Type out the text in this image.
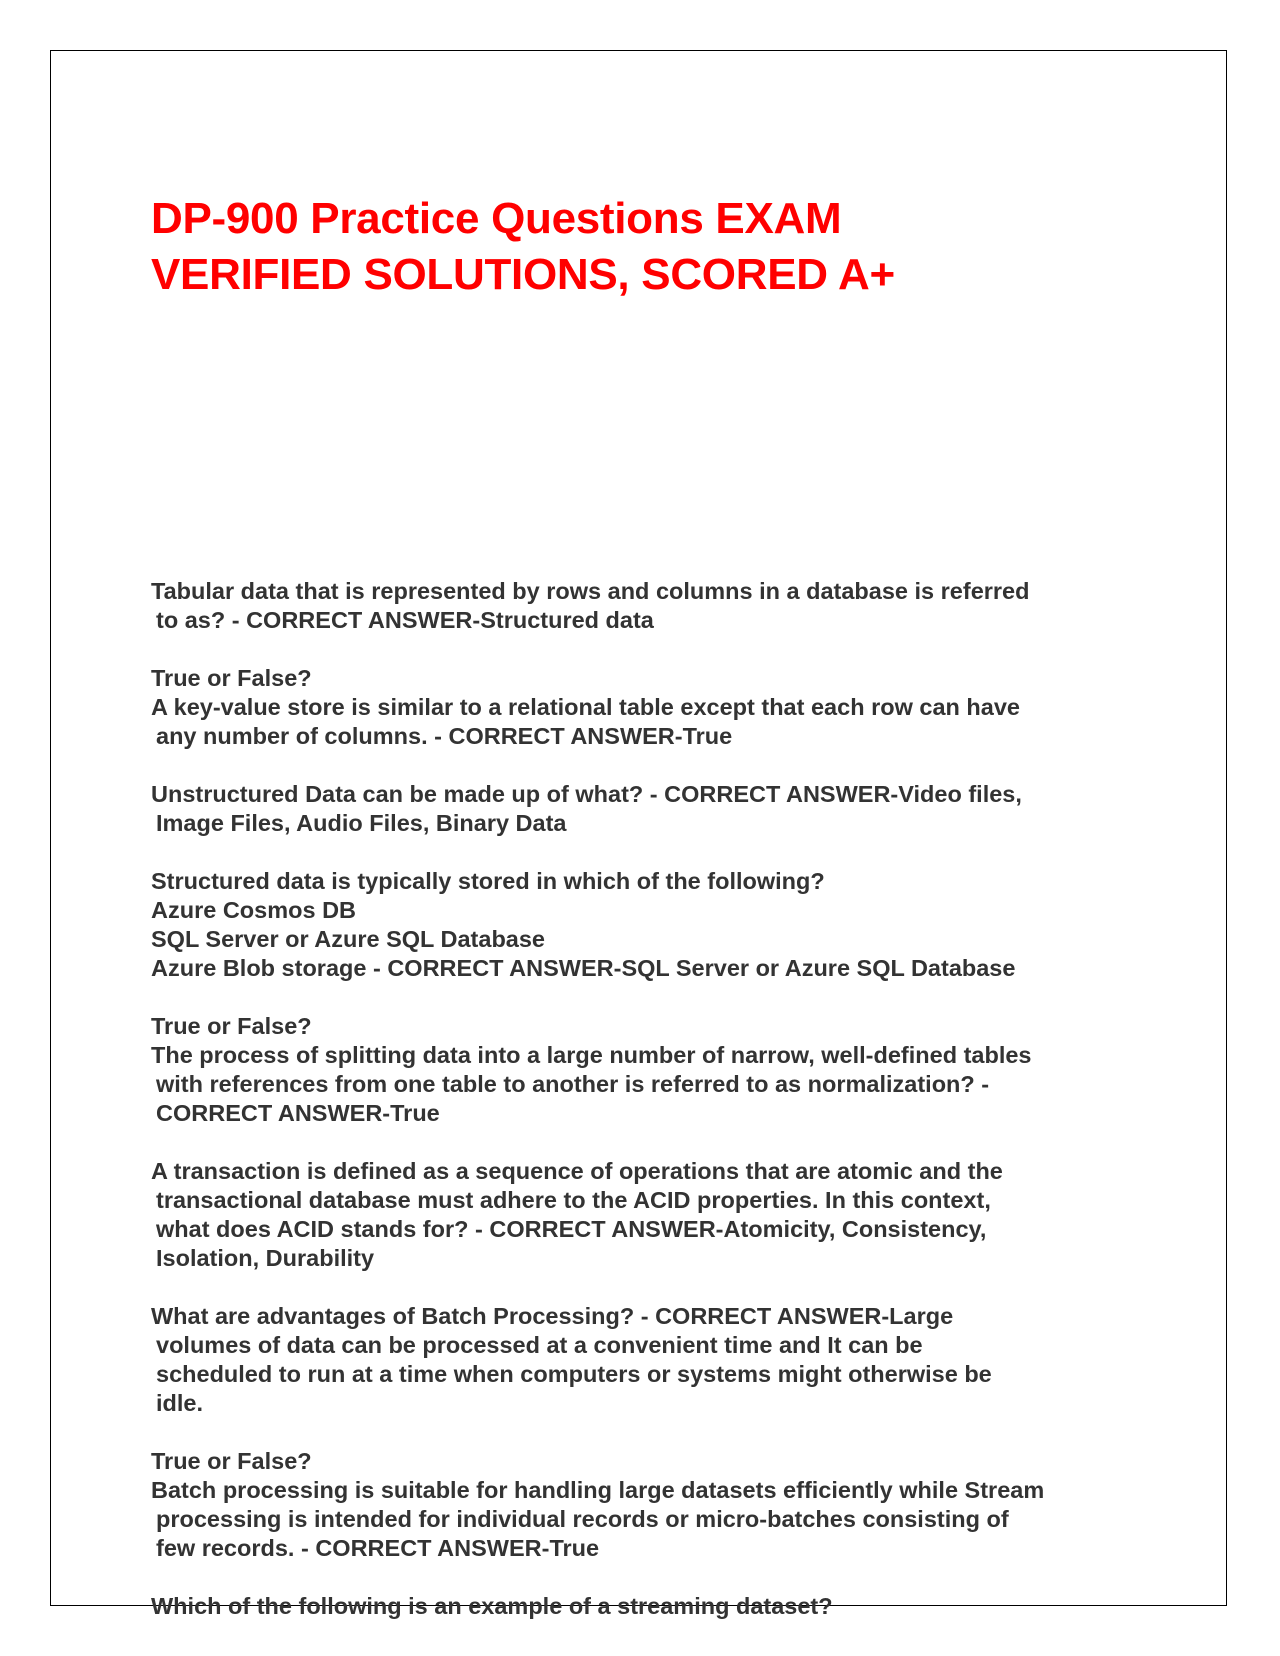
DP-900 Practice Questions EXAM
VERIFIED SOLUTIONS, SCORED A+
Tabular data that is represented by rows and columns in a database is referred
to as? - CORRECT ANSWER-Structured data
True or False?
A key-value store is similar to a relational table except that each row can have
any number of columns. - CORRECT ANSWER-True
Unstructured Data can be made up of what? - CORRECT ANSWER-Video files,
Image Files, Audio Files, Binary Data
Structured data is typically stored in which of the following?
Azure Cosmos DB
SQL Server or Azure SQL Database
Azure Blob storage - CORRECT ANSWER-SQL Server or Azure SQL Database
True or False?
The process of splitting data into a large number of narrow, well-defined tables
with references from one table to another is referred to as normalization? -
CORRECT ANSWER-True
A transaction is defined as a sequence of operations that are atomic and the
transactional database must adhere to the ACID properties. In this context,
what does ACID stands for? - CORRECT ANSWER-Atomicity, Consistency,
Isolation, Durability
What are advantages of Batch Processing? - CORRECT ANSWER-Large
volumes of data can be processed at a convenient time and It can be
scheduled to run at a time when computers or systems might otherwise be
idle.
True or False?
Batch processing is suitable for handling large datasets efficiently while Stream
processing is intended for individual records or micro-batches consisting of
few records. - CORRECT ANSWER-True
Which of the following is an example of a streaming dataset?
